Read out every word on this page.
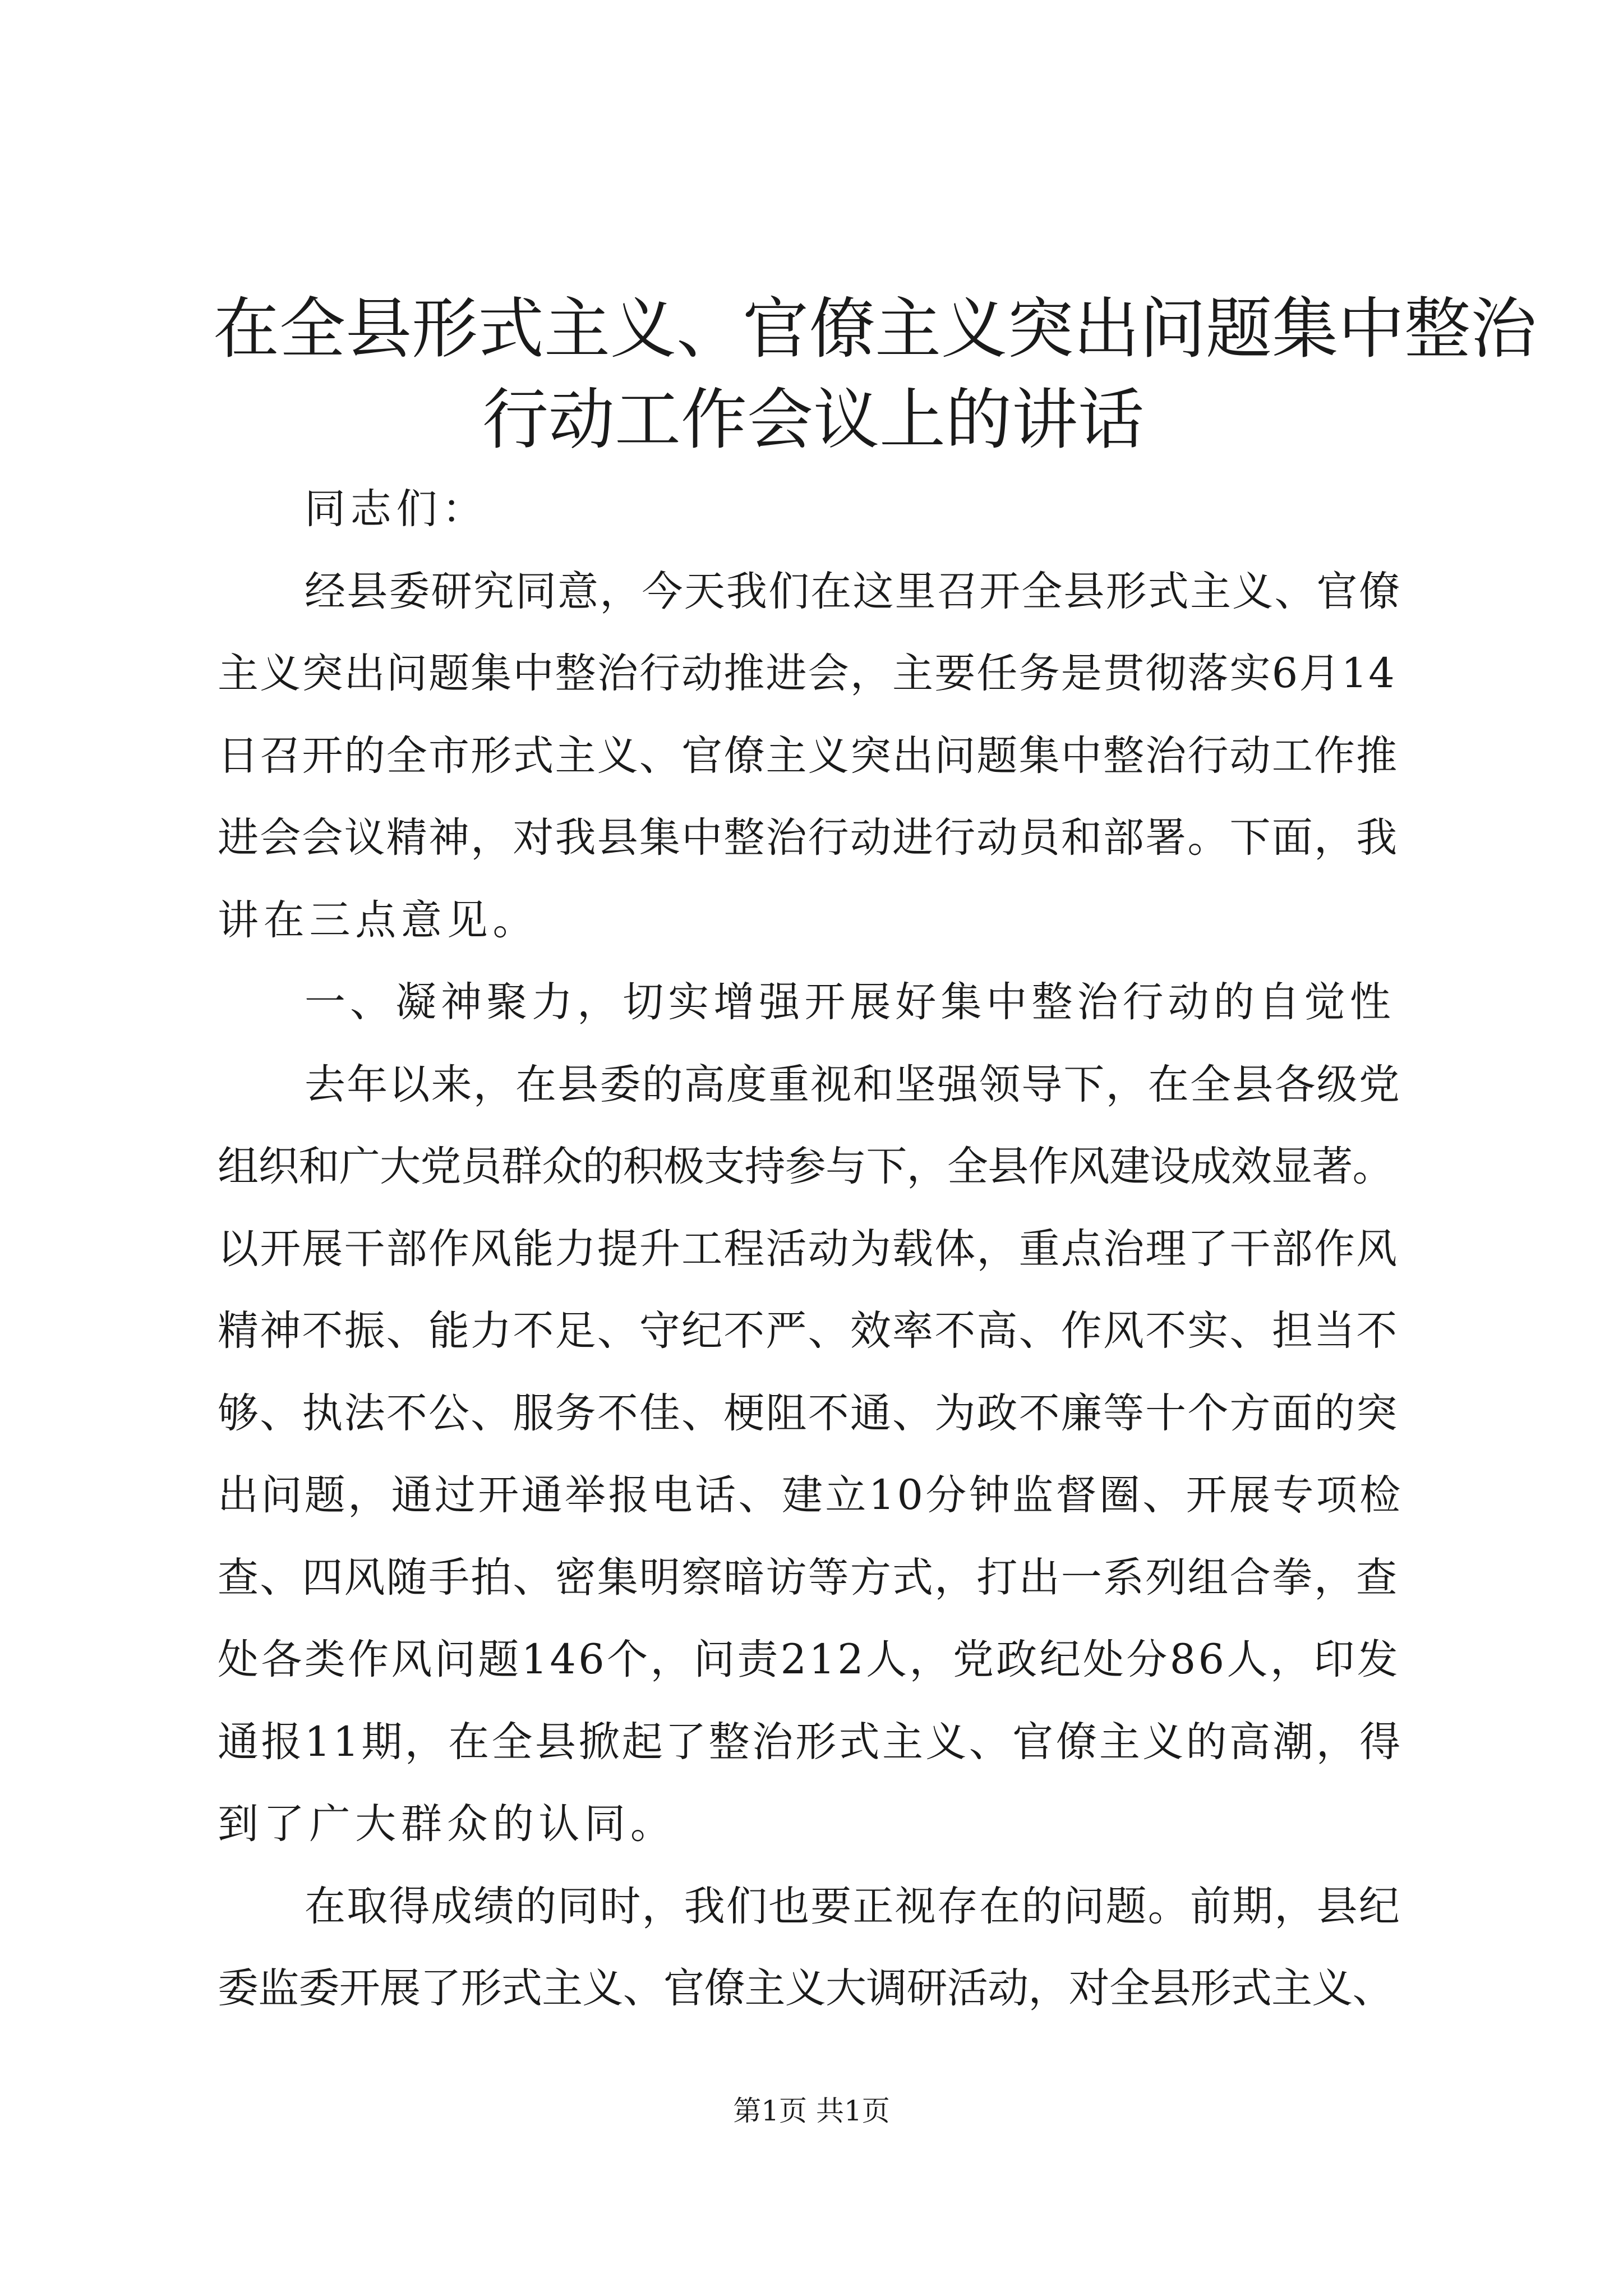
在全县形式主义、官僚主义突出问题集中整治
行动工作会议上的讲话

同志们：

经县委研究同意，今天我们在这里召开全县形式主义、官僚
主义突出问题集中整治行动推进会，主要任务是贯彻落实6月14
日召开的全市形式主义、官僚主义突出问题集中整治行动工作推
进会会议精神，对我县集中整治行动进行动员和部署。下面，我
讲在三点意见。

一、凝神聚力，切实增强开展好集中整治行动的自觉性

去年以来，在县委的高度重视和坚强领导下，在全县各级党
组织和广大党员群众的积极支持参与下，全县作风建设成效显著。
以开展干部作风能力提升工程活动为载体，重点治理了干部作风
精神不振、能力不足、守纪不严、效率不高、作风不实、担当不
够、执法不公、服务不佳、梗阻不通、为政不廉等十个方面的突
出问题，通过开通举报电话、建立10分钟监督圈、开展专项检
查、四风随手拍、密集明察暗访等方式，打出一系列组合拳，查
处各类作风问题146个，问责212人，党政纪处分86人，印发
通报11期，在全县掀起了整治形式主义、官僚主义的高潮，得
到了广大群众的认同。

在取得成绩的同时，我们也要正视存在的问题。前期，县纪
委监委开展了形式主义、官僚主义大调研活动，对全县形式主义、

第1页 共1页
